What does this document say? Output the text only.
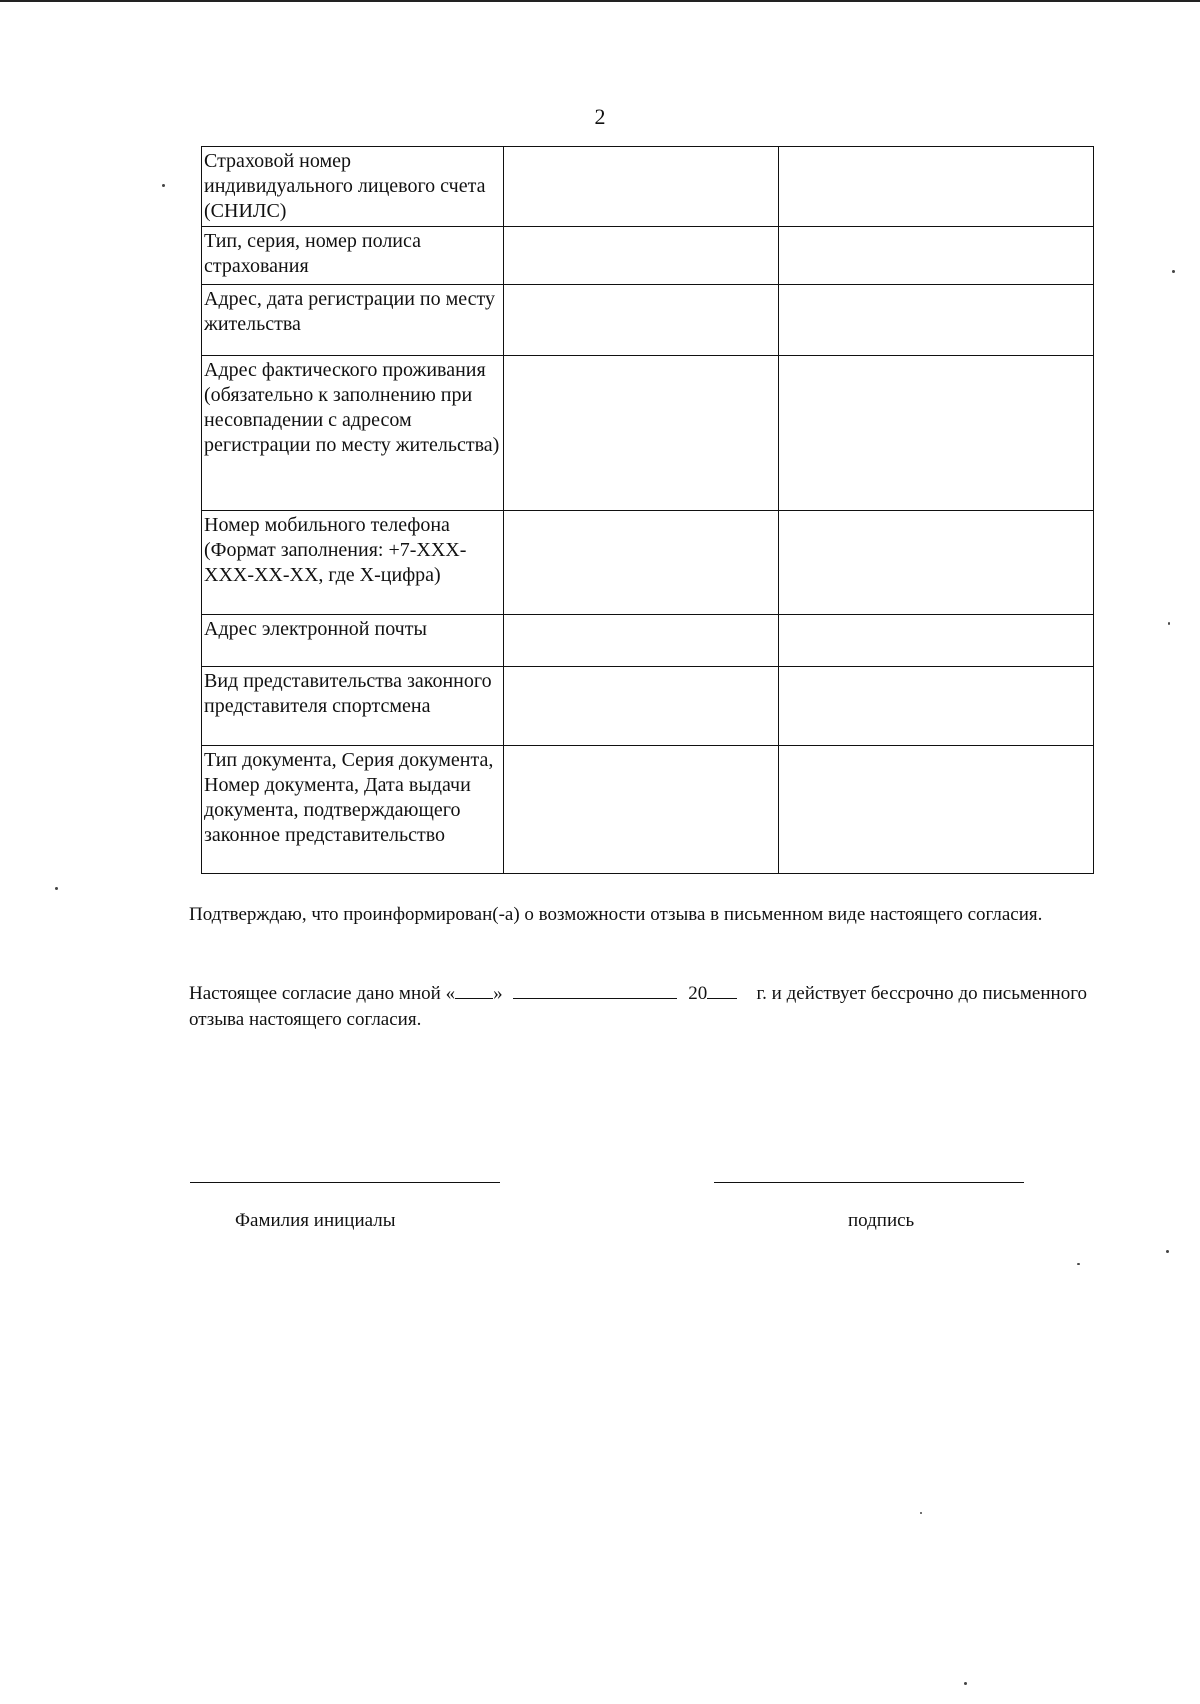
2
Страховой номер индивидуального лицевого счета (СНИЛС)		
Тип, серия, номер полиса страхования		
Адрес, дата регистрации по месту жительства		
Адрес фактического проживания (обязательно к заполнению при несовпадении с адресом регистрации по месту жительства)		
Номер мобильного телефона (Формат заполнения: +7-XXX-XXX-XX-XX, где X-цифра)		
Адрес электронной почты		
Вид представительства законного представителя спортсмена		
Тип документа, Серия документа, Номер документа, Дата выдачи документа, подтверждающего законное представительство		
Подтверждаю, что проинформирован(-а) о возможности отзыва в письменном виде настоящего согласия.
Настоящее согласие дано мной « »	20	г. и действует бессрочно до письменного отзыва настоящего согласия.
Фамилия инициалы	подпись
